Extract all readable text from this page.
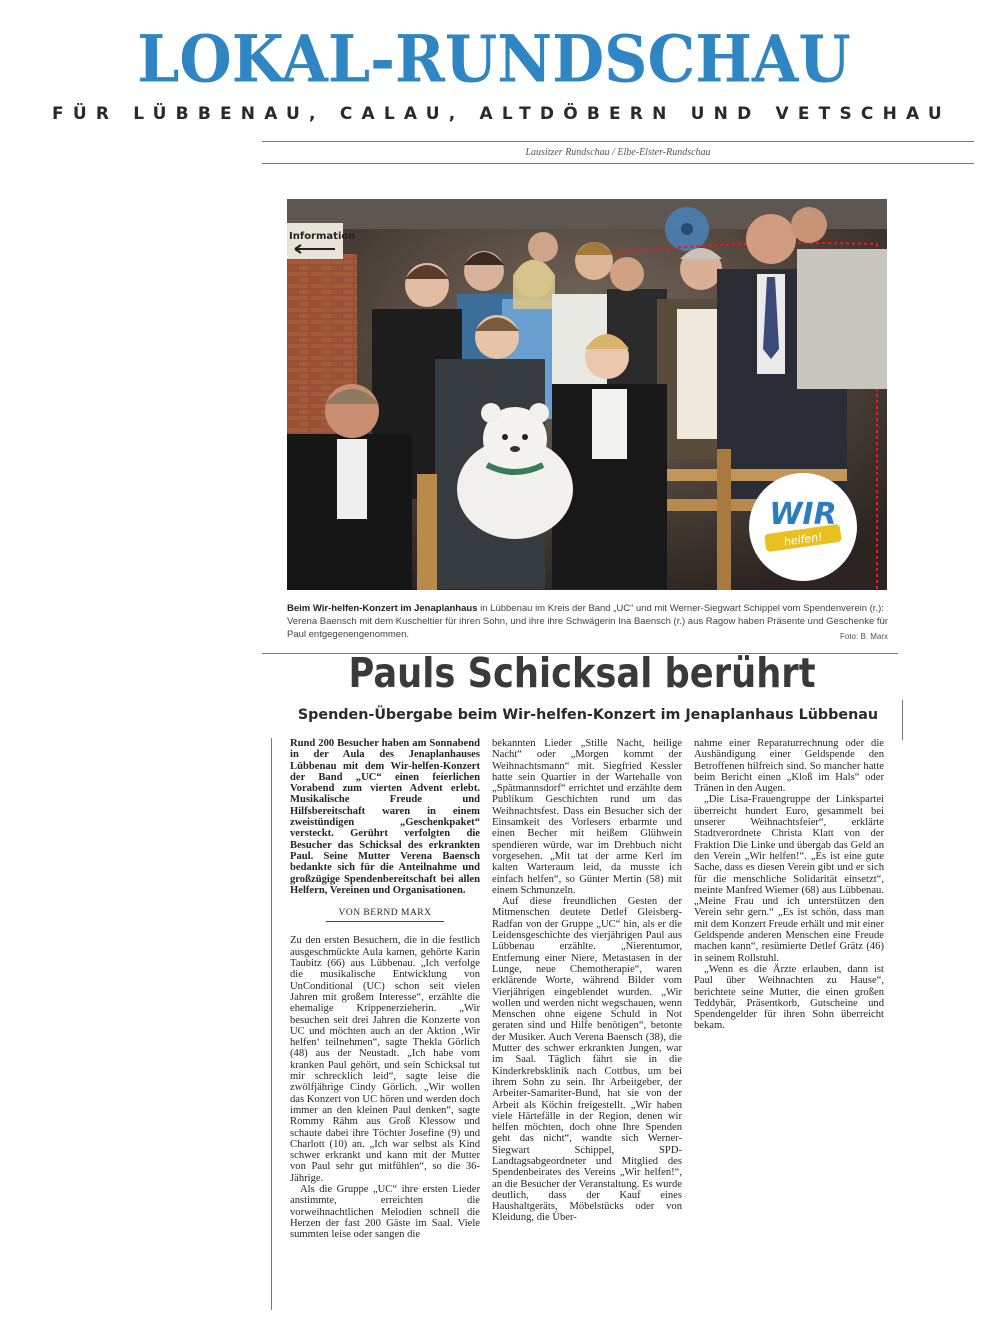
LOKAL-RUNDSCHAU
FÜR LÜBBENAU, CALAU, ALTDÖBERN UND VETSCHAU
Lausitzer Rundschau / Elbe-Elster-Rundschau
Information
WIR
helfen!
Beim Wir-helfen-Konzert im Jenaplanhaus in Lübbenau im Kreis der Band „UC“ und mit Werner-Siegwart Schippel vom Spendenverein (r.): Verena Baensch mit dem Kuscheltier für ihren Sohn, und ihre ihre Schwägerin Ina Baensch (r.) aus Ragow haben Präsente und Geschenke für Paul entgegenengenommen.	Foto: B. Marx
Pauls Schicksal berührt
Spenden-Übergabe beim Wir-helfen-Konzert im Jenaplanhaus Lübbenau

Rund 200 Besucher haben am Sonnabend in der Aula des Jenaplanhauses Lübbenau mit dem Wir-helfen-Konzert der Band „UC“ einen feierlichen Vorabend zum vierten Advent erlebt. Musikalische Freude und Hilfsbereitschaft waren in einem zweistündigen „Geschenkpaket“ versteckt. Gerührt verfolgten die Besucher das Schicksal des erkrankten Paul. Seine Mutter Verena Baensch bedankte sich für die Anteilnahme und großzügige Spendenbereitschaft bei allen Helfern, Vereinen und Organisationen.

VON BERND MARX

Zu den ersten Besuchern, die in die festlich ausgeschmückte Aula kamen, gehörte Karin Taubitz (66) aus Lübbenau. „Ich verfolge die musikalische Entwicklung von UnConditional (UC) schon seit vielen Jahren mit großem Interesse“, erzählte die ehemalige Krippenerzieherin. „Wir besuchen seit drei Jahren die Konzerte von UC und möchten auch an der Aktion ‚Wir helfen‘ teilnehmen“, sagte Thekla Görlich (48) aus der Neustadt. „Ich habe vom kranken Paul gehört, und sein Schicksal tut mir schrecklich leid“, sagte leise die zwölfjährige Cindy Görlich. „Wir wollen das Konzert von UC hören und werden doch immer an den kleinen Paul denken“, sagte Rommy Rähm aus Groß Klessow und schaute dabei ihre Töchter Josefine (9) und Charlott (10) an. „Ich war selbst als Kind schwer erkrankt und kann mit der Mutter von Paul sehr gut mitfühlen“, so die 36-Jährige.

Als die Gruppe „UC“ ihre ersten Lieder anstimmte, erreichten die vorweihnachtlichen Melodien schnell die Herzen der fast 200 Gäste im Saal. Viele summten leise oder sangen die

bekannten Lieder „Stille Nacht, heilige Nacht“ oder „Morgen kommt der Weihnachtsmann“ mit. Siegfried Kessler hatte sein Quartier in der Wartehalle von „Spätmannsdorf“ errichtet und erzählte dem Publikum Geschichten rund um das Weihnachtsfest. Dass ein Besucher sich der Einsamkeit des Vorlesers erbarmte und einen Becher mit heißem Glühwein spendieren würde, war im Drehbuch nicht vorgesehen. „Mit tat der arme Kerl im kalten Warteraum leid, da musste ich einfach helfen“, so Günter Mertin (58) mit einem Schmunzeln.

Auf diese freundlichen Gesten der Mitmenschen deutete Detlef Gleisberg-Radfan von der Gruppe „UC“ hin, als er die Leidensgeschichte des vierjährigen Paul aus Lübbenau erzählte. „Nierentumor, Entfernung einer Niere, Metastasen in der Lunge, neue Chemotherapie“, waren erklärende Worte, während Bilder vom Vierjährigen eingeblendet wurden. „Wir wollen und werden nicht wegschauen, wenn Menschen ohne eigene Schuld in Not geraten sind und Hilfe benötigen“, betonte der Musiker. Auch Verena Baensch (38), die Mutter des schwer erkrankten Jungen, war im Saal. Täglich fährt sie in die Kinderkrebsklinik nach Cottbus, um bei ihrem Sohn zu sein. Ihr Arbeitgeber, der Arbeiter-Samariter-Bund, hat sie von der Arbeit als Köchin freigestellt. „Wir haben viele Härtefälle in der Region, denen wir helfen möchten, doch ohne Ihre Spenden geht das nicht“, wandte sich Werner-Siegwart Schippel, SPD-Landtagsabgeordneter und Mitglied des Spendenbeirates des Vereins „Wir helfen!“, an die Besucher der Veranstaltung. Es wurde deutlich, dass der Kauf eines Haushaltgeräts, Möbelstücks oder von Kleidung, die Über-

nahme einer Reparaturrechnung oder die Aushändigung einer Geldspende den Betroffenen hilfreich sind. So mancher hatte beim Bericht einen „Kloß im Hals“ oder Tränen in den Augen.

„Die Lisa-Frauengruppe der Linkspartei überreicht hundert Euro, gesammelt bei unserer Weihnachtsfeier“, erklärte Stadtverordnete Christa Klatt von der Fraktion Die Linke und übergab das Geld an den Verein „Wir helfen!“. „Es ist eine gute Sache, dass es diesen Verein gibt und er sich für die menschliche Solidarität einsetzt“, meinte Manfred Wiemer (68) aus Lübbenau. „Meine Frau und ich unterstützen den Verein sehr gern.“ „Es ist schön, dass man mit dem Konzert Freude erhält und mit einer Geldspende anderen Menschen eine Freude machen kann“, resümierte Detlef Grätz (46) in seinem Rollstuhl.

„Wenn es die Ärzte erlauben, dann ist Paul über Weihnachten zu Hause“, berichtete seine Mutter, die einen großen Teddybär, Präsentkorb, Gutscheine und Spendengelder für ihren Sohn überreicht bekam.
